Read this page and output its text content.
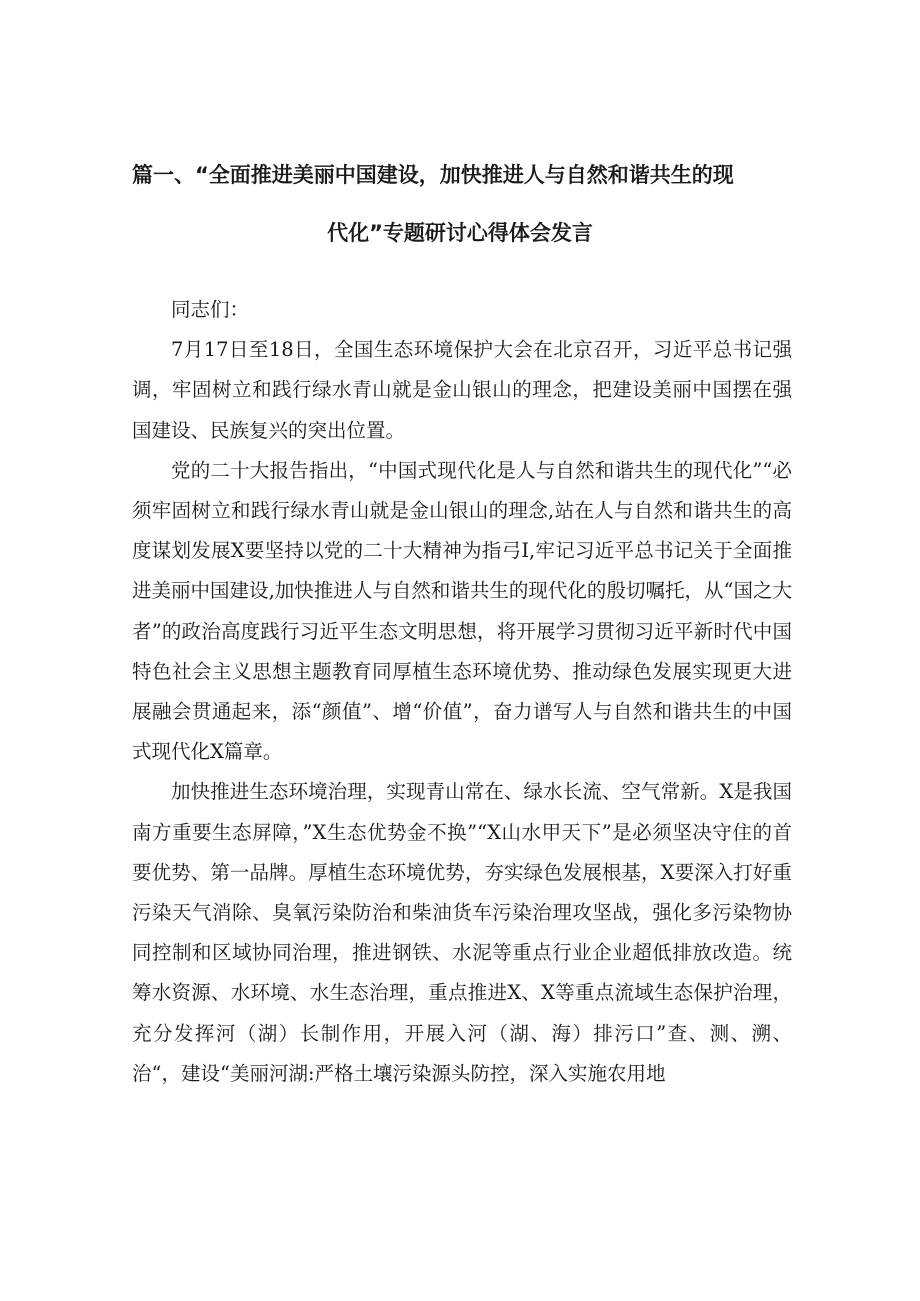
篇一、“全面推进美丽中国建设，加快推进人与自然和谐共生的现
代化”专题研讨心得体会发言

同志们：

7月17日至18日，全国生态环境保护大会在北京召开，习近平总书记强调，牢固树立和践行绿水青山就是金山银山的理念，把建设美丽中国摆在强国建设、民族复兴的突出位置。

党的二十大报告指出，“中国式现代化是人与自然和谐共生的现代化”“必须牢固树立和践行绿水青山就是金山银山的理念,站在人与自然和谐共生的高度谋划发展X要坚持以党的二十大精神为指弓I,牢记习近平总书记关于全面推进美丽中国建设,加快推进人与自然和谐共生的现代化的殷切嘱托，从“国之大者”的政治高度践行习近平生态文明思想，将开展学习贯彻习近平新时代中国特色社会主义思想主题教育同厚植生态环境优势、推动绿色发展实现更大进展融会贯通起来，添“颜值”、增“价值”，奋力谱写人与自然和谐共生的中国式现代化X篇章。

加快推进生态环境治理，实现青山常在、绿水长流、空气常新。X是我国南方重要生态屏障，”X生态优势金不换”“X山水甲天下”是必须坚决守住的首要优势、第一品牌。厚植生态环境优势，夯实绿色发展根基，X要深入打好重污染天气消除、臭氧污染防治和柴油货车污染治理攻坚战，强化多污染物协同控制和区域协同治理，推进钢铁、水泥等重点行业企业超低排放改造。统筹水资源、水环境、水生态治理，重点推进X、X等重点流域生态保护治理，充分发挥河（湖）长制作用，开展入河（湖、海）排污口”查、测、溯、治“，建设“美丽河湖:严格土壤污染源头防控，深入实施农用地
